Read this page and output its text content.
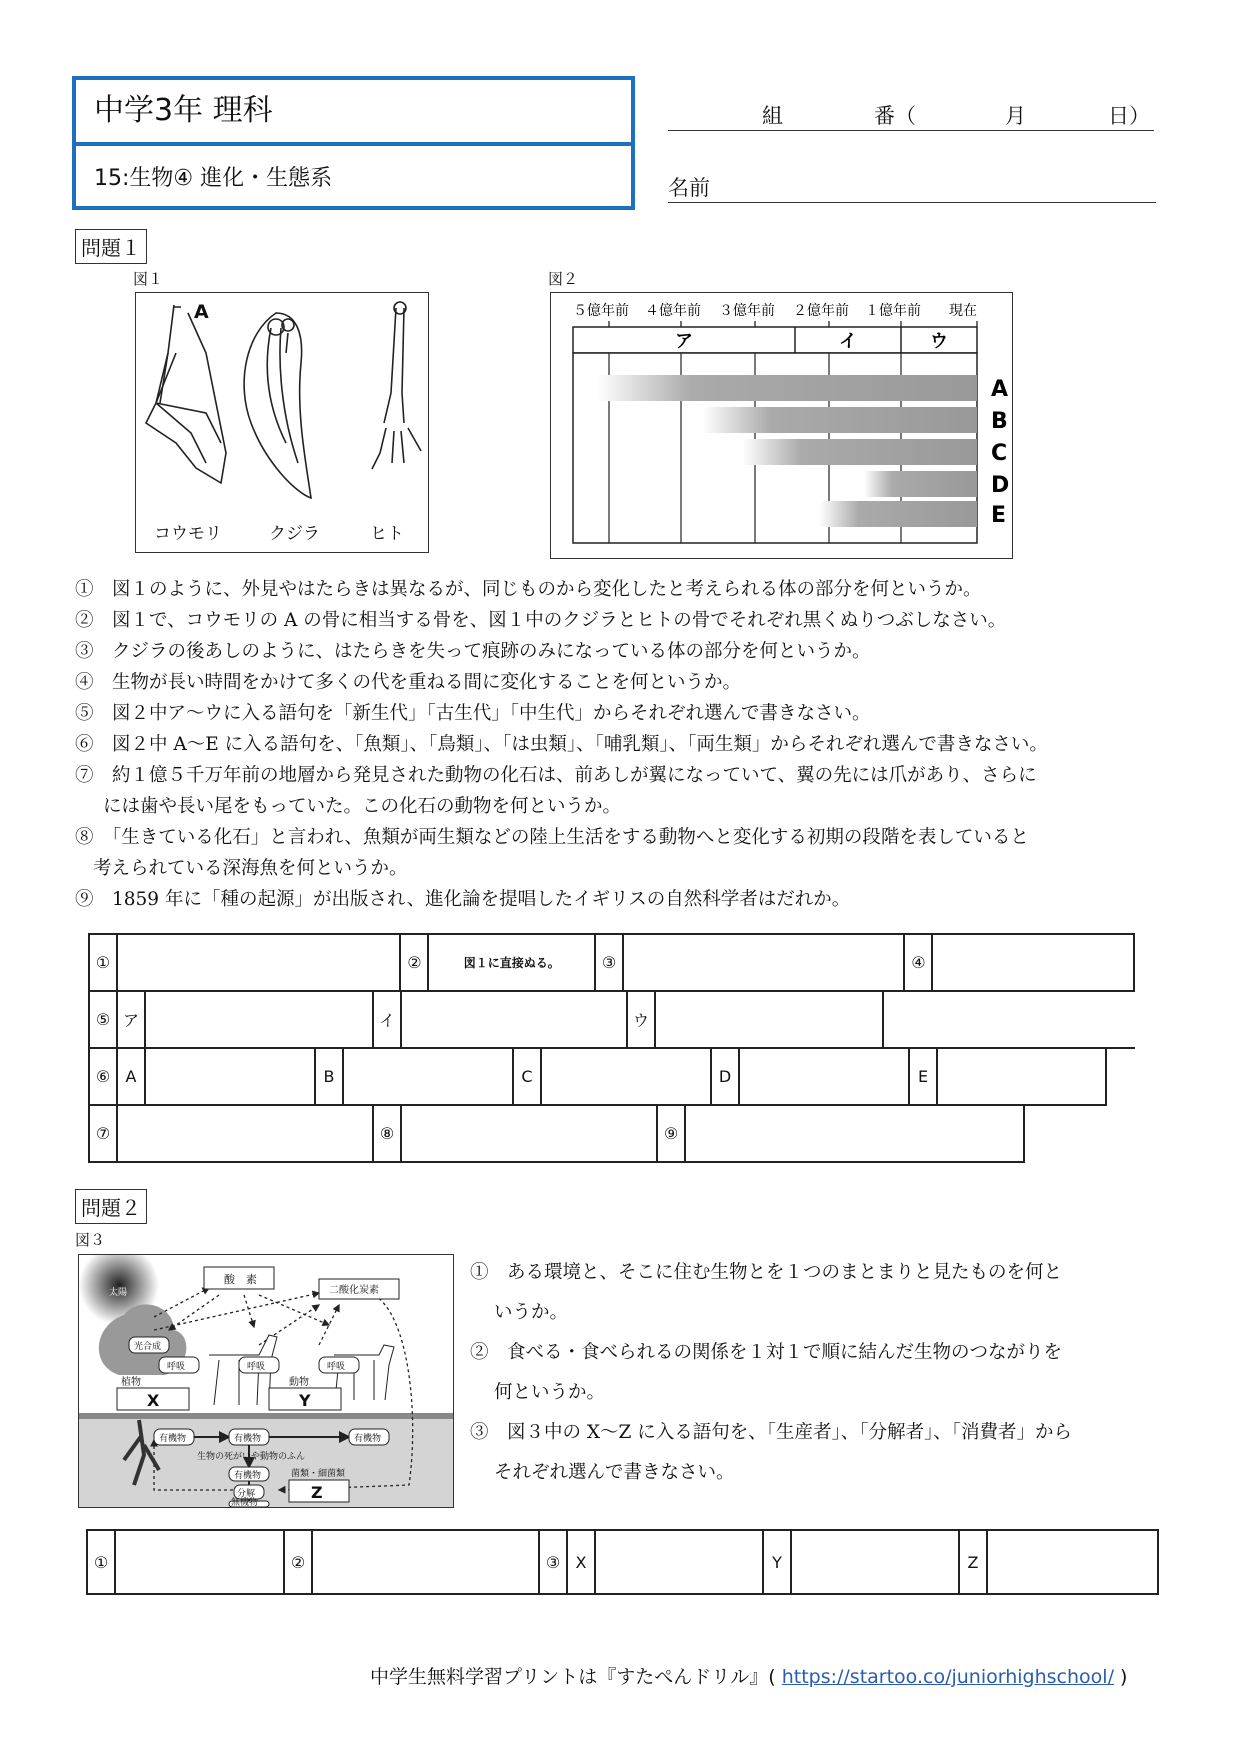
中学3年 理科
15:生物④ 進化・生態系
組	番（	月	日）
名前
問題１
図１	図２
A
コウモリ	クジラ	ヒト
５億年前 ４億年前 ３億年前 ２億年前 １億年前 現在
ア	イ	ウ
A
B
C
D
E
①　図１のように、外見やはたらきは異なるが、同じものから変化したと考えられる体の部分を何というか。
②　図１で、コウモリの A の骨に相当する骨を、図１中のクジラとヒトの骨でそれぞれ黒くぬりつぶしなさい。
③　クジラの後あしのように、はたらきを失って痕跡のみになっている体の部分を何というか。
④　生物が長い時間をかけて多くの代を重ねる間に変化することを何というか。
⑤　図２中ア～ウに入る語句を「新生代」「古生代」「中生代」からそれぞれ選んで書きなさい。
⑥　図２中 A～E に入る語句を、「魚類」、「鳥類」、「は虫類」、「哺乳類」、「両生類」からそれぞれ選んで書きなさい。
⑦　約１億５千万年前の地層から発見された動物の化石は、前あしが翼になっていて、翼の先には爪があり、さらに
には歯や長い尾をもっていた。この化石の動物を何というか。
⑧　「生きている化石」と言われ、魚類が両生類などの陸上生活をする動物へと変化する初期の段階を表していると
考えられている深海魚を何というか。
⑨　1859 年に「種の起源」が出版され、進化論を提唱したイギリスの自然科学者はだれか。
①	②	図１に直接ぬる。	③	④
⑤ ア	イ	ウ
⑥ A	B	C	D	E
⑦	⑧	⑨
問題２
図３
太陽
酸　素
二酸化炭素
光合成
呼吸	呼吸	呼吸
植物	動物
X	Y
有機物	有機物	有機物
生物の死がいや動物のふん
有機物
分解
菌類・細菌類
Z
無機物
①　ある環境と、そこに住む生物とを１つのまとまりと見たものを何と
いうか。
②　食べる・食べられるの関係を１対１で順に結んだ生物のつながりを
何というか。
③　図３中の X～Z に入る語句を、「生産者」、「分解者」、「消費者」から
それぞれ選んで書きなさい。
①	②	③ X	Y	Z
中学生無料学習プリントは『すたぺんドリル』( https://startoo.co/juniorhighschool/ )
